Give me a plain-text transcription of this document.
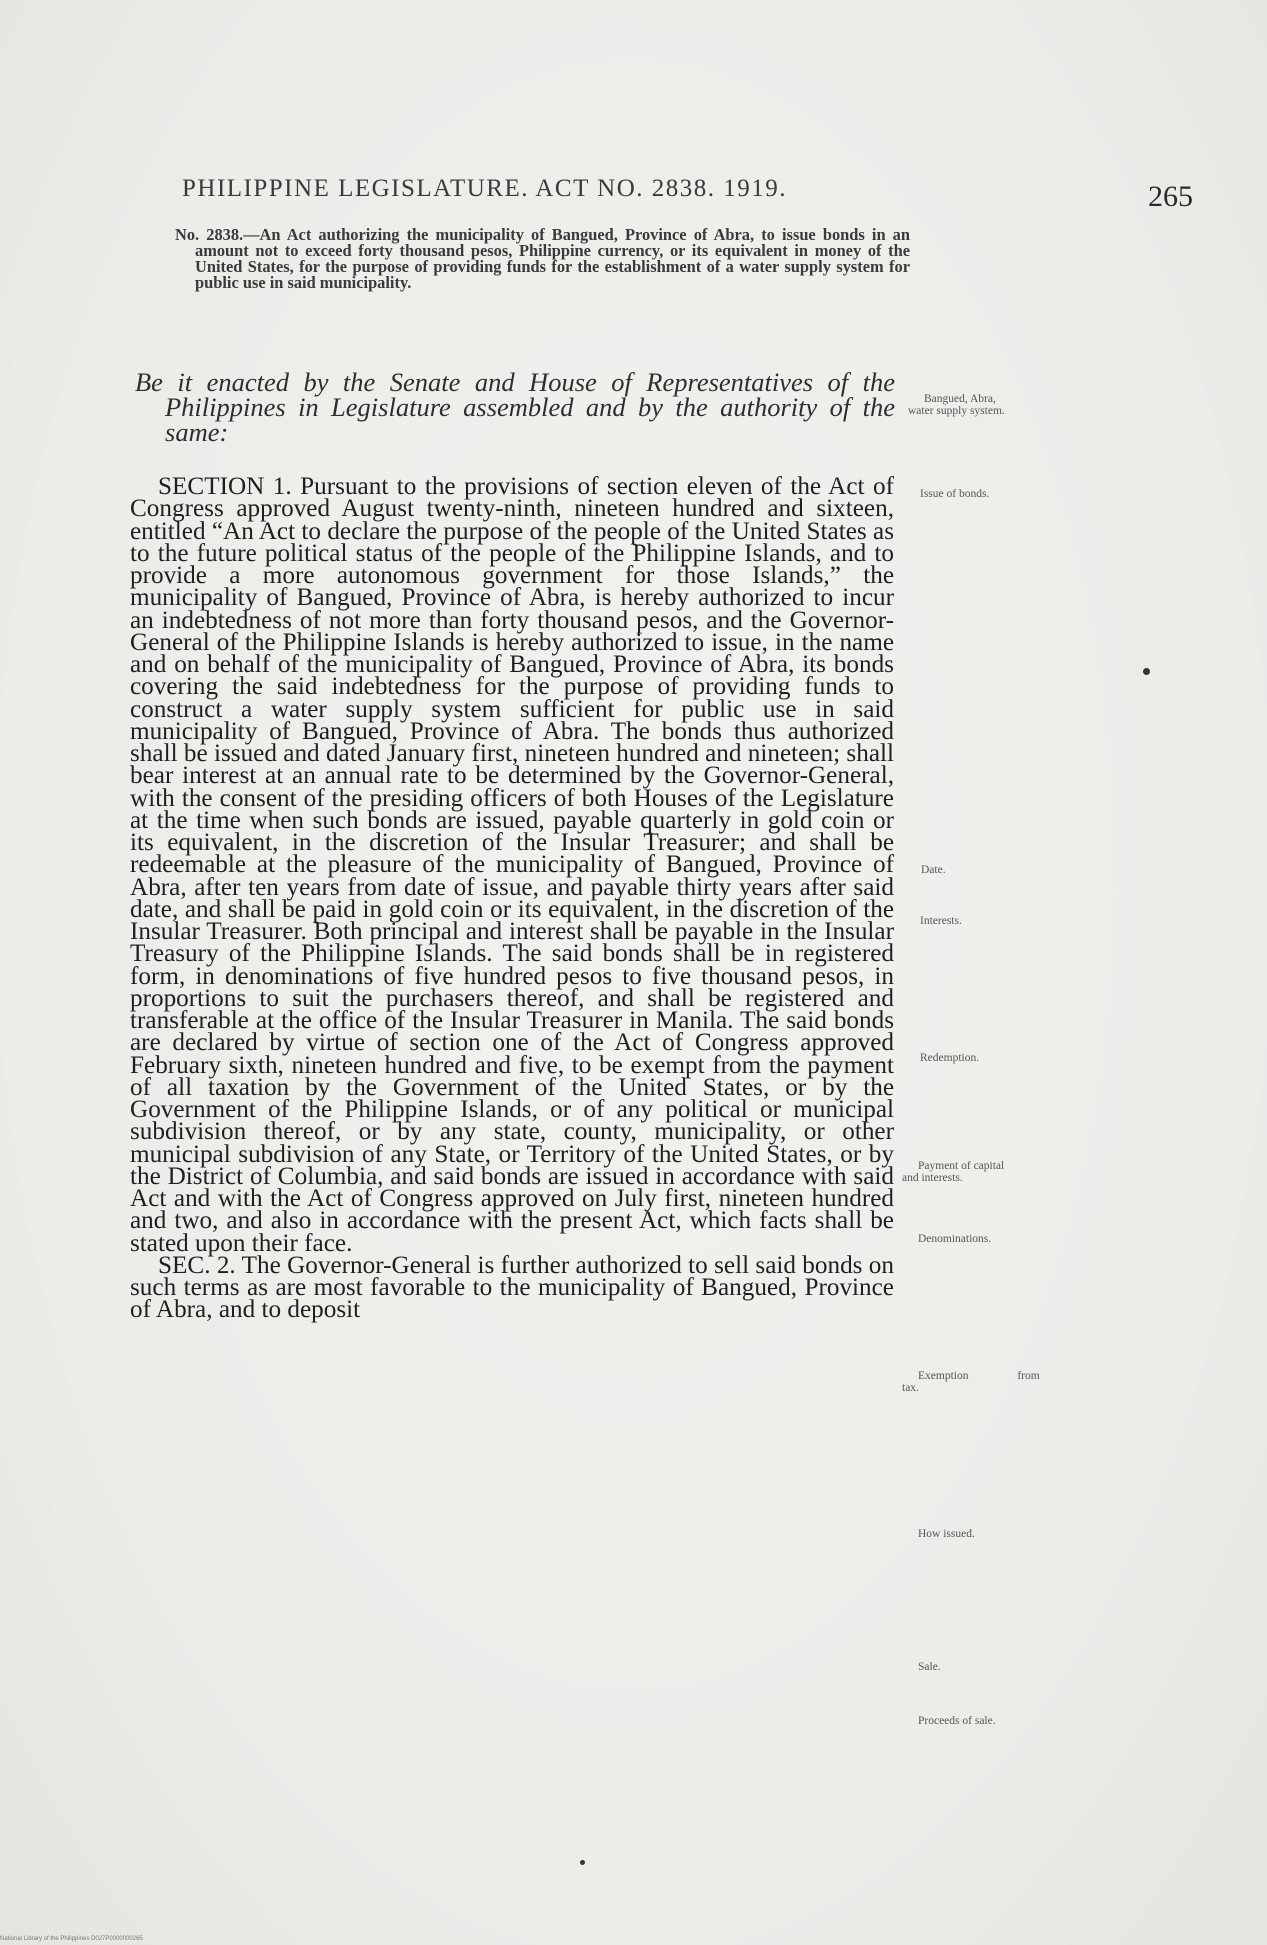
PHILIPPINE LEGISLATURE. ACT NO. 2838. 1919.	265

No. 2838.—An Act authorizing the municipality of Bangued, Province of Abra, to issue bonds in an amount not to exceed forty thousand pesos, Philippine currency, or its equivalent in money of the United States, for the purpose of providing funds for the establishment of a water supply system for public use in said municipality.

Be it enacted by the Senate and House of Representatives of the Philippines in Legislature assembled and by the authority of the same:

SECTION 1. Pursuant to the provisions of section eleven of the Act of Congress approved August twenty-ninth, nineteen hundred and sixteen, entitled “An Act to declare the purpose of the people of the United States as to the future political status of the people of the Philippine Islands, and to provide a more autonomous government for those Islands,” the municipality of Bangued, Province of Abra, is hereby authorized to incur an indebtedness of not more than forty thousand pesos, and the Governor-General of the Philippine Islands is hereby authorized to issue, in the name and on behalf of the municipality of Bangued, Province of Abra, its bonds covering the said indebtedness for the purpose of providing funds to construct a water supply system sufficient for public use in said municipality of Bangued, Province of Abra. The bonds thus authorized shall be issued and dated January first, nineteen hundred and nineteen; shall bear interest at an annual rate to be determined by the Governor-General, with the consent of the presiding officers of both Houses of the Legislature at the time when such bonds are issued, payable quarterly in gold coin or its equivalent, in the discretion of the Insular Treasurer; and shall be redeemable at the pleasure of the municipality of Bangued, Province of Abra, after ten years from date of issue, and payable thirty years after said date, and shall be paid in gold coin or its equivalent, in the discretion of the Insular Treasurer. Both principal and interest shall be payable in the Insular Treasury of the Philippine Islands. The said bonds shall be in registered form, in denominations of five hundred pesos to five thousand pesos, in proportions to suit the purchasers thereof, and shall be registered and transferable at the office of the Insular Treasurer in Manila. The said bonds are declared by virtue of section one of the Act of Congress approved February sixth, nineteen hundred and five, to be exempt from the payment of all taxation by the Government of the United States, or by the Government of the Philippine Islands, or of any political or municipal subdivision thereof, or by any state, county, municipality, or other municipal subdivision of any State, or Territory of the United States, or by the District of Columbia, and said bonds are issued in accordance with said Act and with the Act of Congress approved on July first, nineteen hundred and two, and also in accordance with the present Act, which facts shall be stated upon their face.

SEC. 2. The Governor-General is further authorized to sell said bonds on such terms as are most favorable to the municipality of Bangued, Province of Abra, and to deposit

Bangued, Abra,
water supply system.
Issue of bonds.
Date.
Interests.
Redemption.
Payment of capital
and interests.
Denominations.
Exemption from
tax.
How issued.
Sale.
Proceeds of sale.
National Library of the Philippines D027P0000000265
